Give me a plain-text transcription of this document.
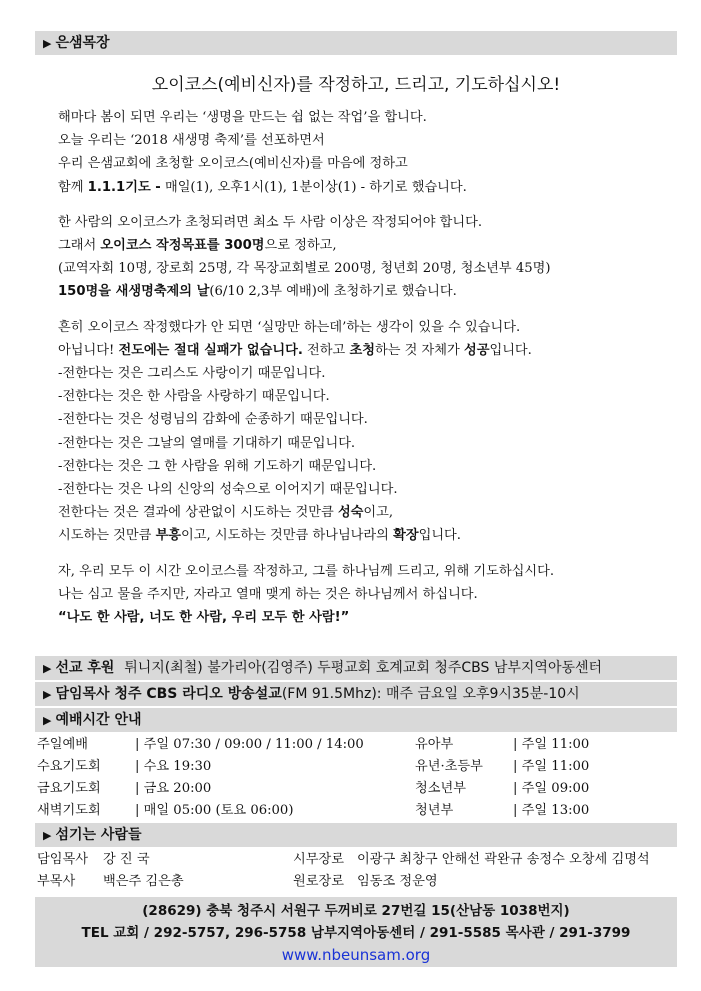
▶ 은샘목장
오이코스(예비신자)를 작정하고, 드리고, 기도하십시오!

해마다 봄이 되면 우리는 ‘생명을 만드는 쉽 없는 작업’을 합니다.

오늘 우리는 ‘2018 새생명 축제’를 선포하면서

우리 은샘교회에 초청할 오이코스(예비신자)를 마음에 정하고

함께 1.1.1기도 - 매일(1), 오후1시(1), 1분이상(1) - 하기로 했습니다.

한 사람의 오이코스가 초청되려면 최소 두 사람 이상은 작정되어야 합니다.

그래서 오이코스 작정목표를 300명으로 정하고,

(교역자회 10명, 장로회 25명, 각 목장교회별로 200명, 청년회 20명, 청소년부 45명)

150명을 새생명축제의 날(6/10 2,3부 예배)에 초청하기로 했습니다.

흔히 오이코스 작정했다가 안 되면 ‘실망만 하는데’하는 생각이 있을 수 있습니다.

아닙니다! 전도에는 절대 실패가 없습니다. 전하고 초청하는 것 자체가 성공입니다.

-전한다는 것은 그리스도 사랑이기 때문입니다.

-전한다는 것은 한 사람을 사랑하기 때문입니다.

-전한다는 것은 성령님의 감화에 순종하기 때문입니다.

-전한다는 것은 그날의 열매를 기대하기 때문입니다.

-전한다는 것은 그 한 사람을 위해 기도하기 때문입니다.

-전한다는 것은 나의 신앙의 성숙으로 이어지기 때문입니다.

전한다는 것은 결과에 상관없이 시도하는 것만큼 성숙이고,

시도하는 것만큼 부흥이고, 시도하는 것만큼 하나님나라의 확장입니다.

자, 우리 모두 이 시간 오이코스를 작정하고, 그를 하나님께 드리고, 위해 기도하십시다.

나는 심고 물을 주지만, 자라고 열매 맺게 하는 것은 하나님께서 하십니다.

“나도 한 사람, 너도 한 사람, 우리 모두 한 사람!”

▶ 선교 후원 튀니지(최철) 불가리아(김영주) 두평교회 호계교회 청주CBS 남부지역아동센터
▶ 담임목사 청주 CBS 라디오 방송설교(FM 91.5Mhz): 매주 금요일 오후9시35분-10시
▶ 예배시간 안내
주일예배	| 주일 07:30 / 09:00 / 11:00 / 14:00	유아부	| 주일 11:00
수요기도회	| 수요 19:30	유년·초등부	| 주일 11:00
금요기도회	| 금요 20:00	청소년부	| 주일 09:00
새벽기도회	| 매일 05:00 (토요 06:00)	청년부	| 주일 13:00
▶ 섬기는 사람들
담임목사	강 진 국	시무장로 이광구 최창구 안해선 곽완규 송정수 오창세 김명석
부목사	백은주 김은총	원로장로 임동조 정운영
(28629) 충북 청주시 서원구 두꺼비로 27번길 15(산남동 1038번지)
TEL 교회 / 292-5757, 296-5758 남부지역아동센터 / 291-5585 목사관 / 291-3799
www.nbeunsam.org
